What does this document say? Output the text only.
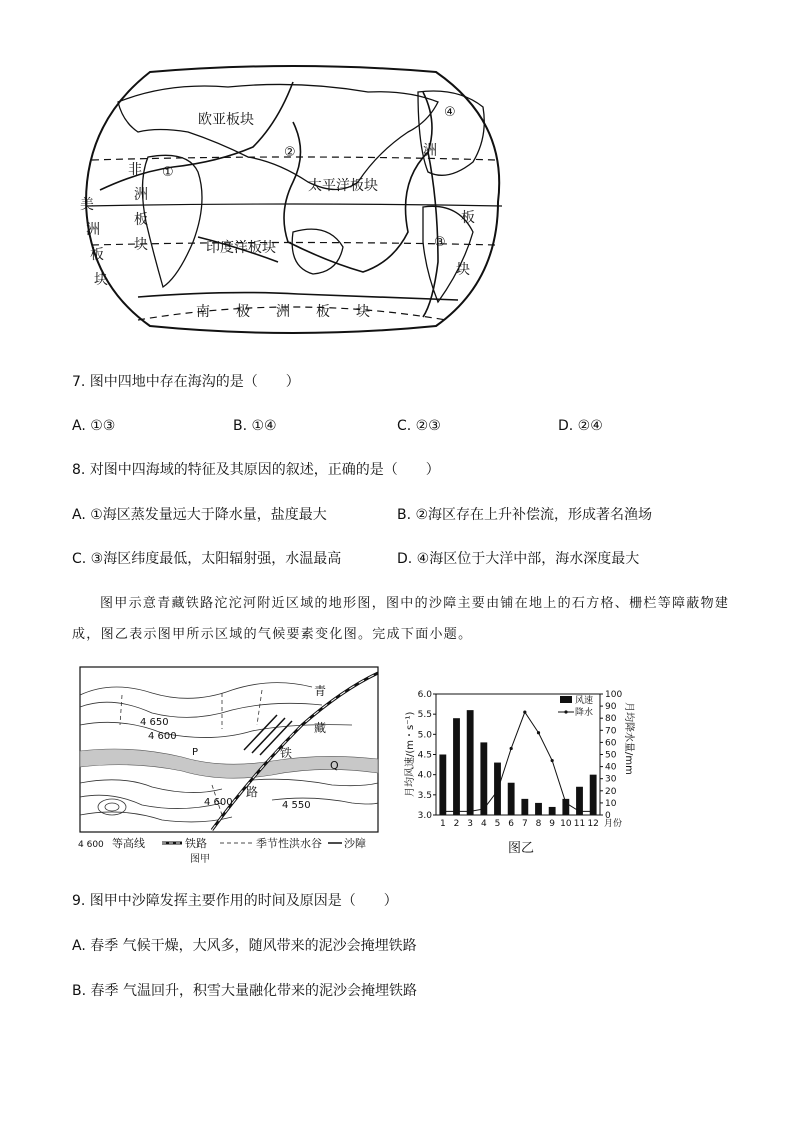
欧亚板块
太平洋板块
印度洋板块
非
洲
板
块
美
洲
板
块
洲
板
块
南 极 洲 板 块
①
②
③
④
7. 图中四地中存在海沟的是（　　）
A. ①③	B. ①④	C. ②③	D. ②④
8. 对图中四海域的特征及其原因的叙述，正确的是（　　）
A. ①海区蒸发量远大于降水量，盐度最大	B. ②海区存在上升补偿流，形成著名渔场
C. ③海区纬度最低，太阳辐射强，水温最高	D. ④海区位于大洋中部，海水深度最大
图甲示意青藏铁路沱沱河附近区域的地形图，图中的沙障主要由铺在地上的石方格、栅栏等障蔽物建
成，图乙表示图甲所示区域的气候要素变化图。完成下面小题。
4 650
4 600
4 600	4 550
P
Q
青
藏
铁
路
4 600 等高线	铁路	季节性洪水谷 沙障
图甲
月均风速/(m・s⁻¹)	月均降水量/mm
3.0
3.5
4.0
4.5
5.0
5.5
6.0
0
10
20
30
40
50
60
70
80
90
100
1 2 3 4 5 6 7 8 9 10 11 12 月份
风速
降水
图乙
9. 图甲中沙障发挥主要作用的时间及原因是（　　）
A. 春季 气候干燥，大风多，随风带来的泥沙会掩埋铁路
B. 春季 气温回升，积雪大量融化带来的泥沙会掩埋铁路
